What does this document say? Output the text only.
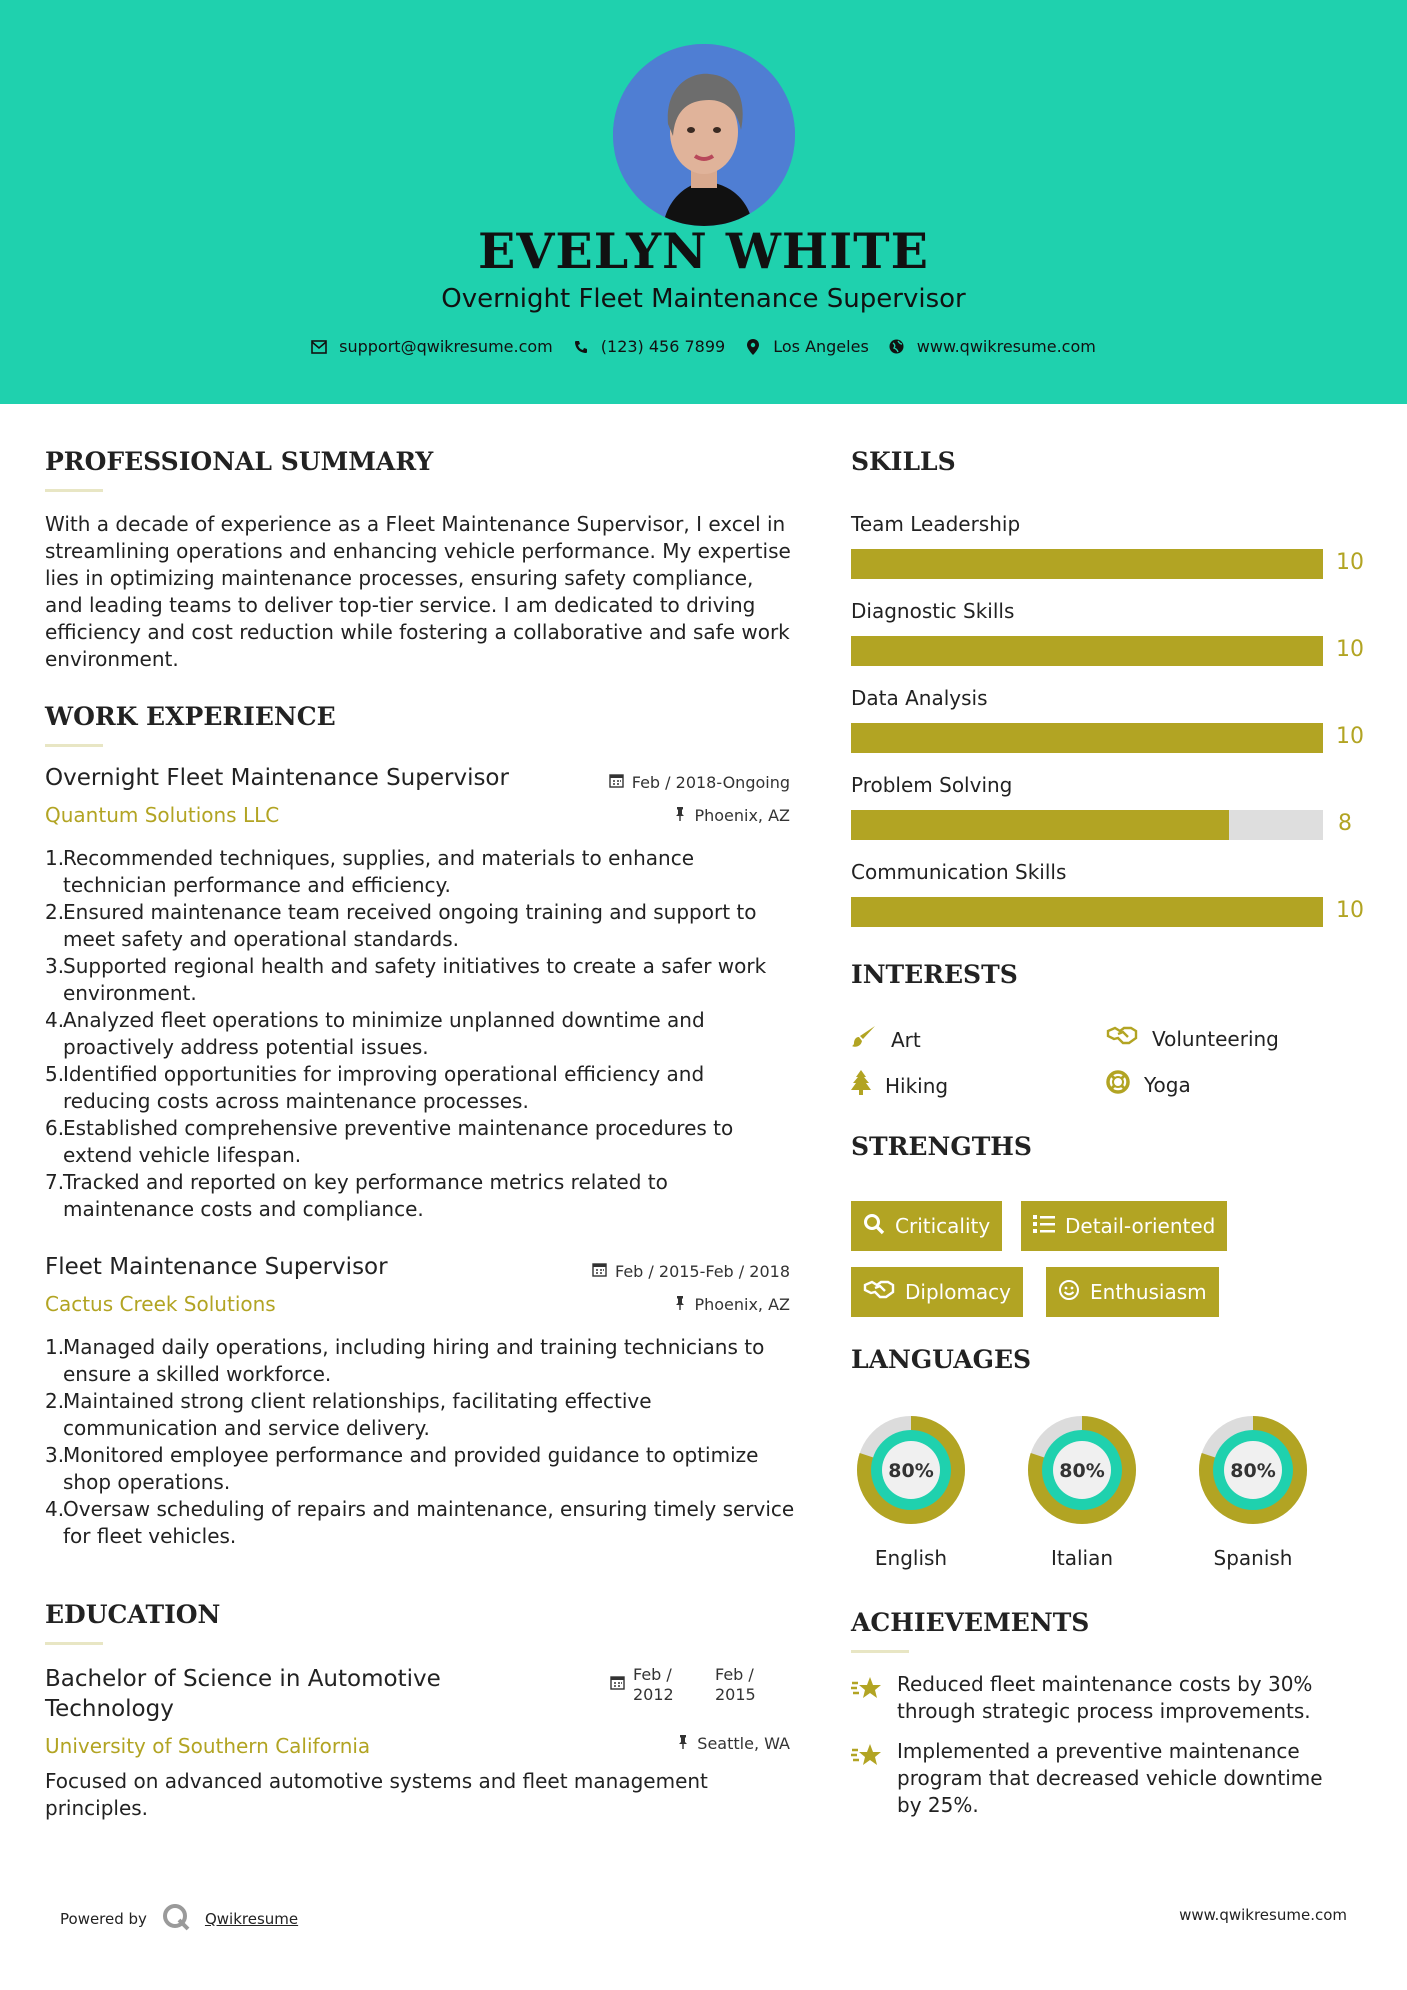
EVELYN WHITE
Overnight Fleet Maintenance Supervisor
support@qwikresume.com	(123) 456 7899	Los Angeles	www.qwikresume.com
PROFESSIONAL SUMMARY
With a decade of experience as a Fleet Maintenance Supervisor, I excel in streamlining operations and enhancing vehicle performance. My expertise lies in optimizing maintenance processes, ensuring safety compliance, and leading teams to deliver top-tier service. I am dedicated to driving efficiency and cost reduction while fostering a collaborative and safe work environment.
WORK EXPERIENCE
Overnight Fleet Maintenance Supervisor	Feb / 2018-Ongoing
Quantum Solutions LLC	Phoenix, AZ
1.
Recommended techniques, supplies, and materials to enhance technician performance and efficiency.
2.
Ensured maintenance team received ongoing training and support to meet safety and operational standards.
3.
Supported regional health and safety initiatives to create a safer work environment.
4.
Analyzed fleet operations to minimize unplanned downtime and proactively address potential issues.
5.
Identified opportunities for improving operational efficiency and reducing costs across maintenance processes.
6.
Established comprehensive preventive maintenance procedures to extend vehicle lifespan.
7.
Tracked and reported on key performance metrics related to maintenance costs and compliance.
Fleet Maintenance Supervisor	Feb / 2015-Feb / 2018
Cactus Creek Solutions	Phoenix, AZ
1.
Managed daily operations, including hiring and training technicians to ensure a skilled workforce.
2.
Maintained strong client relationships, facilitating effective communication and service delivery.
3.
Monitored employee performance and provided guidance to optimize shop operations.
4.
Oversaw scheduling of repairs and maintenance, ensuring timely service for fleet vehicles.
EDUCATION
Bachelor of Science in Automotive
Technology
Feb / 2012
Feb / 2015
University of Southern California	Seattle, WA
Focused on advanced automotive systems and fleet management principles.
SKILLS
Team Leadership
10
Diagnostic Skills
10
Data Analysis
10
Problem Solving
8
Communication Skills
10
INTERESTS
Art	Volunteering
Hiking	Yoga
STRENGTHS
Criticality	Detail-oriented
Diplomacy	Enthusiasm
LANGUAGES
80%
English
80%
Italian
80%
Spanish
ACHIEVEMENTS
Reduced fleet maintenance costs by 30% through strategic process improvements.
Implemented a preventive maintenance program that decreased vehicle downtime by 25%.
Powered by	Qwikresume	www.qwikresume.com
